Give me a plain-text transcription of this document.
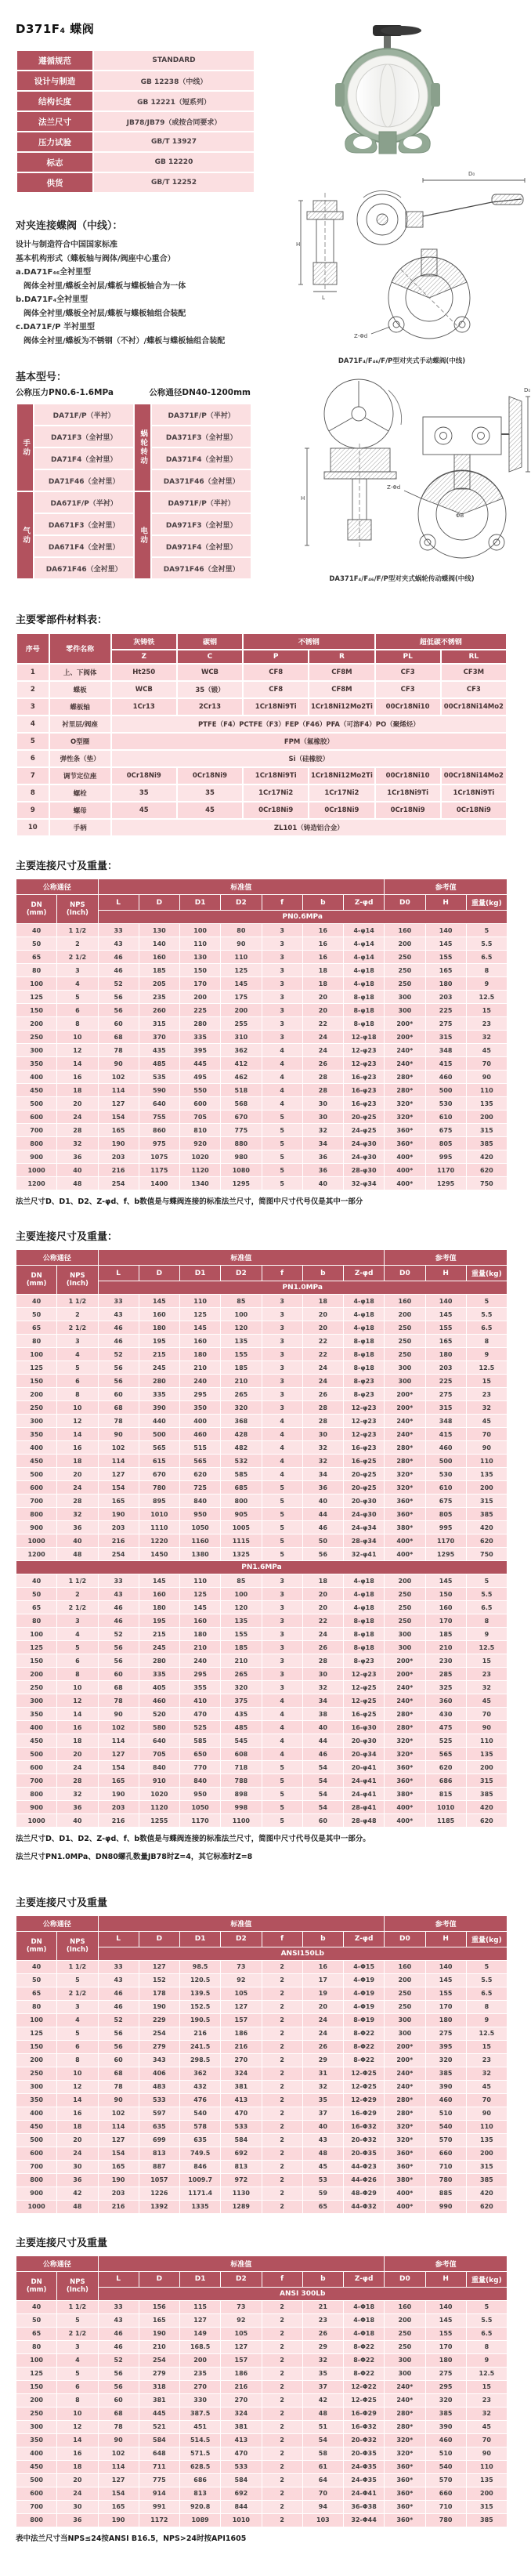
D371F₄ 蝶阀
遵循规范	STANDARD
设计与制造	GB 12238（中线）
结构长度	GB 12221（短系列）
法兰尺寸	JB78/JB79（或按合同要求）
压力试验	GB/T 13927
标志	GB 12220
供货	GB/T 12252
对夹连接蝶阀（中线）：
设计与制造符合中国国家标准
基本机构形式（蝶板轴与阀体/阀座中心重合）
a.DA71F₄₆全衬里型
　阀体全衬里/蝶板全衬层/蝶板与蝶板轴合为一体
b.DA71F₄全衬里型
　阀体全衬里/蝶板全衬层/蝶板与蝶板轴组合装配
c.DA71F/P 半衬里型
　阀体全衬里/蝶板为不锈钢（不衬）/蝶板与蝶板轴组合装配
基本型号：
公称压力PN0.6-1.6MPa	公称通径DN40-1200mm
手动	DA71F/P（半衬）	蜗轮转动	DA371F/P（半衬）
	DA71F3（全衬里）		DA371F3（全衬里）
	DA71F4（全衬里）		DA371F4（全衬里）
	DA71F46（全衬里）		DA371F46（全衬里）
气动	DA671F/P（半衬）	电动	DA971F/P（半衬）
	DA671F3（全衬里）		DA971F3（全衬里）
	DA671F4（全衬里）		DA971F4（全衬里）
	DA671F46（全衬里）		DA971F46（全衬里）
H
L
D₀
Z-Φd
DA71F₄/F₄₆/F/P型对夹式手动蝶阀(中线)
H
D₀
Z-Φd
ΦB
DA371F₄/F₄₆/F/P型对夹式蜗轮传动蝶阀(中线)
主要零部件材料表：
序号	零件名称	灰铸铁	碳钢	不锈钢		超低碳不锈钢	
		Z	C	P	R	PL	RL
1	上、下阀体	Ht250	WCB	CF8	CF8M	CF3	CF3M
2	蝶板	WCB	35（锻）	CF8	CF8M	CF3	CF3
3	蝶板轴	1Cr13	2Cr13	1Cr18Ni9Ti	1Cr18Ni12Mo2Ti	00Cr18Ni10	00Cr18Ni14Mo2
4	衬里层/阀座	PTFE（F4）PCTFE（F3）FEP（F46）PFA（可溶F4）PO（聚烯烃）					
5	O型圈	FPM（氟橡胶）					
6	弹性条（垫）	Si（硅橡胶）					
7	调节定位座	0Cr18Ni9	0Cr18Ni9	1Cr18Ni9Ti	1Cr18Ni12Mo2Ti	00Cr18Ni10	00Cr18Ni14Mo2
8	螺栓	35	35	1Cr17Ni2	1Cr17Ni2	1Cr18Ni9Ti	1Cr18Ni9Ti
9	螺母	45	45	0Cr18Ni9	0Cr18Ni9	0Cr18Ni9	0Cr18Ni9
10	手柄	ZL101（铸造铝合金）					
主要连接尺寸及重量：
公称通径		标准值							参考值		

DN
(mm)

NPS
(Inch)
	L	D	D1	D2	f	b	Z-φd	D0	H	重量(kg)
		PN0.6MPa									
40	1 1/2	33	130	100	80	3	16	4-φ14	160	140	5
50	2	43	140	110	90	3	16	4-φ14	200	145	5.5
65	2 1/2	46	160	130	110	3	16	4-φ14	250	155	6.5
80	3	46	185	150	125	3	18	4-φ18	250	165	8
100	4	52	205	170	145	3	18	4-φ18	250	180	9
125	5	56	235	200	175	3	20	8-φ18	300	203	12.5
150	6	56	260	225	200	3	20	8-φ18	300	225	15
200	8	60	315	280	255	3	22	8-φ18	200*	275	23
250	10	68	370	335	310	3	24	12-φ18	200*	315	32
300	12	78	435	395	362	4	24	12-φ23	240*	348	45
350	14	90	485	445	412	4	26	12-φ23	240*	415	70
400	16	102	535	495	462	4	28	16-φ23	280*	460	90
450	18	114	590	550	518	4	28	16-φ23	280*	500	110
500	20	127	640	600	568	4	30	16-φ23	320*	530	135
600	24	154	755	705	670	5	30	20-φ25	320*	610	200
700	28	165	860	810	775	5	32	24-φ25	360*	675	315
800	32	190	975	920	880	5	34	24-φ30	360*	805	385
900	36	203	1075	1020	980	5	36	24-φ30	400*	995	420
1000	40	216	1175	1120	1080	5	36	28-φ30	400*	1170	620
1200	48	254	1400	1340	1295	5	40	32-φ34	400*	1295	750
法兰尺寸D、D1、D2、Z-φd、f、b数值是与蝶阀连接的标准法兰尺寸，简图中尺寸代号仅是其中一部分
主要连接尺寸及重量：
公称通径		标准值							参考值		

DN
(mm)

NPS
(Inch)
	L	D	D1	D2	f	b	Z-φd	D0	H	重量(kg)
		PN1.0MPa									
40	1 1/2	33	145	110	85	3	18	4-φ18	160	140	5
50	2	43	160	125	100	3	20	4-φ18	200	145	5.5
65	2 1/2	46	180	145	120	3	20	4-φ18	250	155	6.5
80	3	46	195	160	135	3	22	8-φ18	250	165	8
100	4	52	215	180	155	3	22	8-φ18	250	180	9
125	5	56	245	210	185	3	24	8-φ18	300	203	12.5
150	6	56	280	240	210	3	24	8-φ23	300	225	15
200	8	60	335	295	265	3	26	8-φ23	200*	275	23
250	10	68	390	350	320	3	28	12-φ23	200*	315	32
300	12	78	440	400	368	4	28	12-φ23	240*	348	45
350	14	90	500	460	428	4	30	12-φ23	240*	415	70
400	16	102	565	515	482	4	32	16-φ23	280*	460	90
450	18	114	615	565	532	4	32	16-φ25	280*	500	110
500	20	127	670	620	585	4	34	20-φ25	320*	530	135
600	24	154	780	725	685	5	36	20-φ25	320*	610	200
700	28	165	895	840	800	5	40	20-φ30	360*	675	315
800	32	190	1010	950	905	5	44	24-φ30	360*	805	385
900	36	203	1110	1050	1005	5	46	24-φ34	380*	995	420
1000	40	216	1220	1160	1115	5	50	28-φ34	400*	1170	620
1200	48	254	1450	1380	1325	5	56	32-φ41	400*	1295	750
PN1.6MPa											
40	1 1/2	33	145	110	85	3	18	4-φ18	200	145	5
50	2	43	160	125	100	3	20	4-φ18	250	150	5.5
65	2 1/2	46	180	145	120	3	20	4-φ18	250	160	6.5
80	3	46	195	160	135	3	22	8-φ18	250	170	8
100	4	52	215	180	155	3	24	8-φ18	300	185	9
125	5	56	245	210	185	3	26	8-φ18	300	210	12.5
150	6	56	280	240	210	3	28	8-φ23	200*	230	15
200	8	60	335	295	265	3	30	12-φ23	200*	285	23
250	10	68	405	355	320	3	32	12-φ25	240*	325	32
300	12	78	460	410	375	4	34	12-φ25	240*	360	45
350	14	90	520	470	435	4	38	16-φ25	280*	430	70
400	16	102	580	525	485	4	40	16-φ30	280*	475	90
450	18	114	640	585	545	4	44	20-φ30	320*	525	110
500	20	127	705	650	608	4	46	20-φ34	320*	565	135
600	24	154	840	770	718	5	54	20-φ41	360*	620	200
700	28	165	910	840	788	5	54	24-φ41	360*	686	315
800	32	190	1020	950	898	5	54	24-φ41	380*	815	385
900	36	203	1120	1050	998	5	54	28-φ41	400*	1010	420
1000	40	216	1255	1170	1100	5	60	28-φ48	400*	1185	620
法兰尺寸D、D1、D2、Z-φd、f、b数值是与蝶阀连接的标准法兰尺寸，简图中尺寸代号仅是其中一部分。
法兰尺寸PN1.0MPa、DN80螺孔数量JB78时Z=4，其它标准时Z=8
主要连接尺寸及重量
公称通径		标准值							参考值		

DN
(mm)

NPS
(Inch)
	L	D	D1	D2	f	b	Z-φd	D0	H	重量(kg)
		ANSI150Lb									
40	1 1/2	33	127	98.5	73	2	16	4-Φ15	160	140	5
50	5	43	152	120.5	92	2	17	4-Φ19	200	145	5.5
65	2 1/2	46	178	139.5	105	2	19	4-Φ19	250	155	6.5
80	3	46	190	152.5	127	2	20	4-Φ19	250	170	8
100	4	52	229	190.5	157	2	24	8-Φ19	300	180	9
125	5	56	254	216	186	2	24	8-Φ22	300	275	12.5
150	6	56	279	241.5	216	2	26	8-Φ22	200*	395	15
200	8	60	343	298.5	270	2	29	8-Φ22	200*	320	23
250	10	68	406	362	324	2	31	12-Φ25	240*	385	32
300	12	78	483	432	381	2	32	12-Φ25	240*	390	45
350	14	90	533	476	413	2	35	12-Φ29	280*	460	70
400	16	102	597	540	470	2	37	16-Φ29	280*	510	90
450	18	114	635	578	533	2	40	16-Φ32	320*	540	110
500	20	127	699	635	584	2	43	20-Φ32	320*	570	135
600	24	154	813	749.5	692	2	48	20-Φ35	360*	660	200
700	30	165	887	846	813	2	45	44-Φ23	360*	710	315
800	36	190	1057	1009.7	972	2	53	44-Φ26	380*	780	385
900	42	203	1226	1171.4	1130	2	59	48-Φ29	400*	885	420
1000	48	216	1392	1335	1289	2	65	44-Φ32	400*	990	620
主要连接尺寸及重量
公称通径		标准值							参考值		

DN
(mm)

NPS
(Inch)
	L	D	D1	D2	f	b	Z-φd	D0	H	重量(kg)
		ANSI 300Lb									
40	1 1/2	33	156	115	73	2	21	4-Φ18	160	140	5
50	5	43	165	127	92	2	23	4-Φ18	200	145	5.5
65	2 1/2	46	190	149	105	2	26	4-Φ18	250	155	6.5
80	3	46	210	168.5	127	2	29	8-Φ22	250	170	8
100	4	52	254	200	157	2	32	8-Φ22	300	180	9
125	5	56	279	235	186	2	35	8-Φ22	300	275	12.5
150	6	56	318	270	216	2	37	12-Φ22	240*	295	15
200	8	60	381	330	270	2	42	12-Φ25	240*	320	23
250	10	68	445	387.5	324	2	48	16-Φ29	280*	385	32
300	12	78	521	451	381	2	51	16-Φ32	280*	390	45
350	14	90	584	514.5	413	2	54	20-Φ32	320*	460	70
400	16	102	648	571.5	470	2	58	20-Φ35	320*	510	90
450	18	114	711	628.5	533	2	61	24-Φ35	360*	540	110
500	20	127	775	686	584	2	64	24-Φ35	360*	570	135
600	24	154	914	813	692	2	70	24-Φ41	360*	660	200
700	30	165	991	920.8	844	2	94	36-Φ38	360*	710	315
800	36	190	1172	1089	1010	2	103	32-Φ44	360*	780	385
表中法兰尺寸当NPS≤24按ANSI B16.5，NPS>24时按API1605
